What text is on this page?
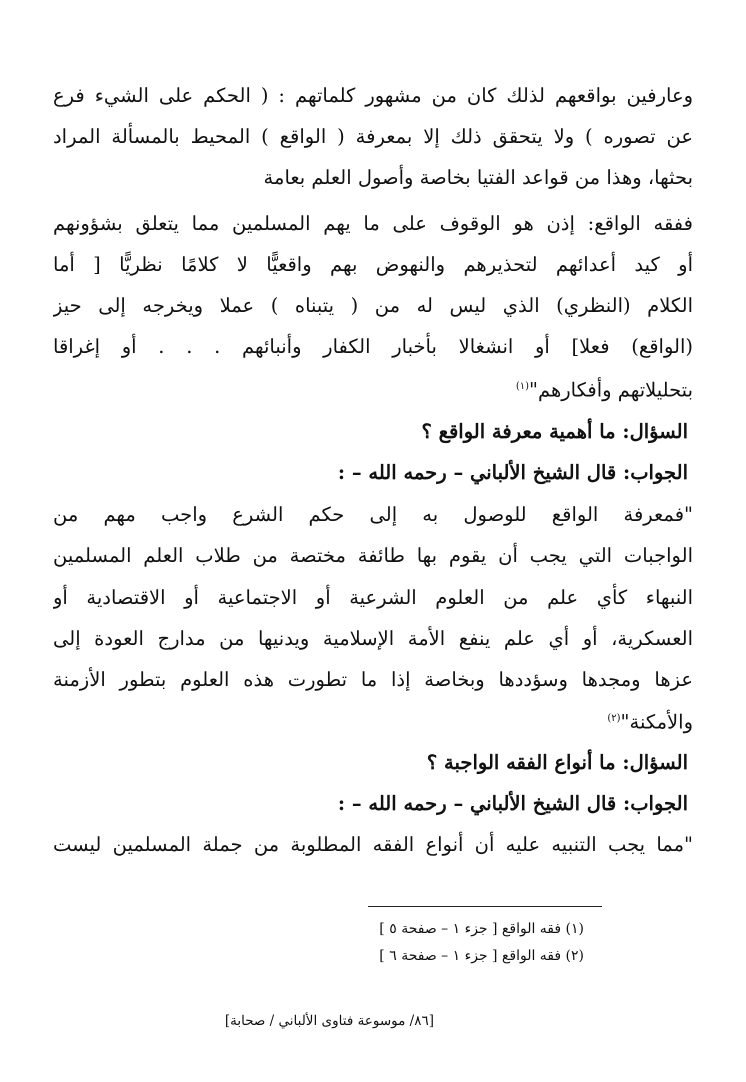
وعارفين بواقعهم لذلك كان من مشهور كلماتهم : ( الحكم على الشيء فرع
عن تصوره ) ولا يتحقق ذلك إلا بمعرفة ( الواقع ) المحيط بالمسألة المراد
بحثها، وهذا من قواعد الفتيا بخاصة وأصول العلم بعامة
ففقه الواقع: إذن هو الوقوف على ما يهم المسلمين مما يتعلق بشؤونهم
أو كيد أعدائهم لتحذيرهم والنهوض بهم واقعيًّا لا كلامًا نظريًّا [ أما
الكلام (النظري) الذي ليس له من ( يتبناه ) عملا ويخرجه إلى حيز
(الواقع) فعلا] أو انشغالا بأخبار الكفار وأنبائهم . . . أو إغراقا
بتحليلاتهم وأفكارهم"$^{(١)}$
السؤال: ما أهمية معرفة الواقع ؟
الجواب: قال الشيخ الألباني – رحمه الله – :
"فمعرفة الواقع للوصول به إلى حكم الشرع واجب مهم من
الواجبات التي يجب أن يقوم بها طائفة مختصة من طلاب العلم المسلمين
النبهاء كأي علم من العلوم الشرعية أو الاجتماعية أو الاقتصادية أو
العسكرية، أو أي علم ينفع الأمة الإسلامية ويدنيها من مدارج العودة إلى
عزها ومجدها وسؤددها وبخاصة إذا ما تطورت هذه العلوم بتطور الأزمنة
والأمكنة"$^{(٢)}$
السؤال: ما أنواع الفقه الواجبة ؟
الجواب: قال الشيخ الألباني – رحمه الله – :
"مما يجب التنبيه عليه أن أنواع الفقه المطلوبة من جملة المسلمين ليست
(١) فقه الواقع [ جزء ١ – صفحة ٥ ]
(٢) فقه الواقع [ جزء ١ – صفحة ٦ ]
[٨٦/ موسوعة فتاوى الألباني / صحابة]
